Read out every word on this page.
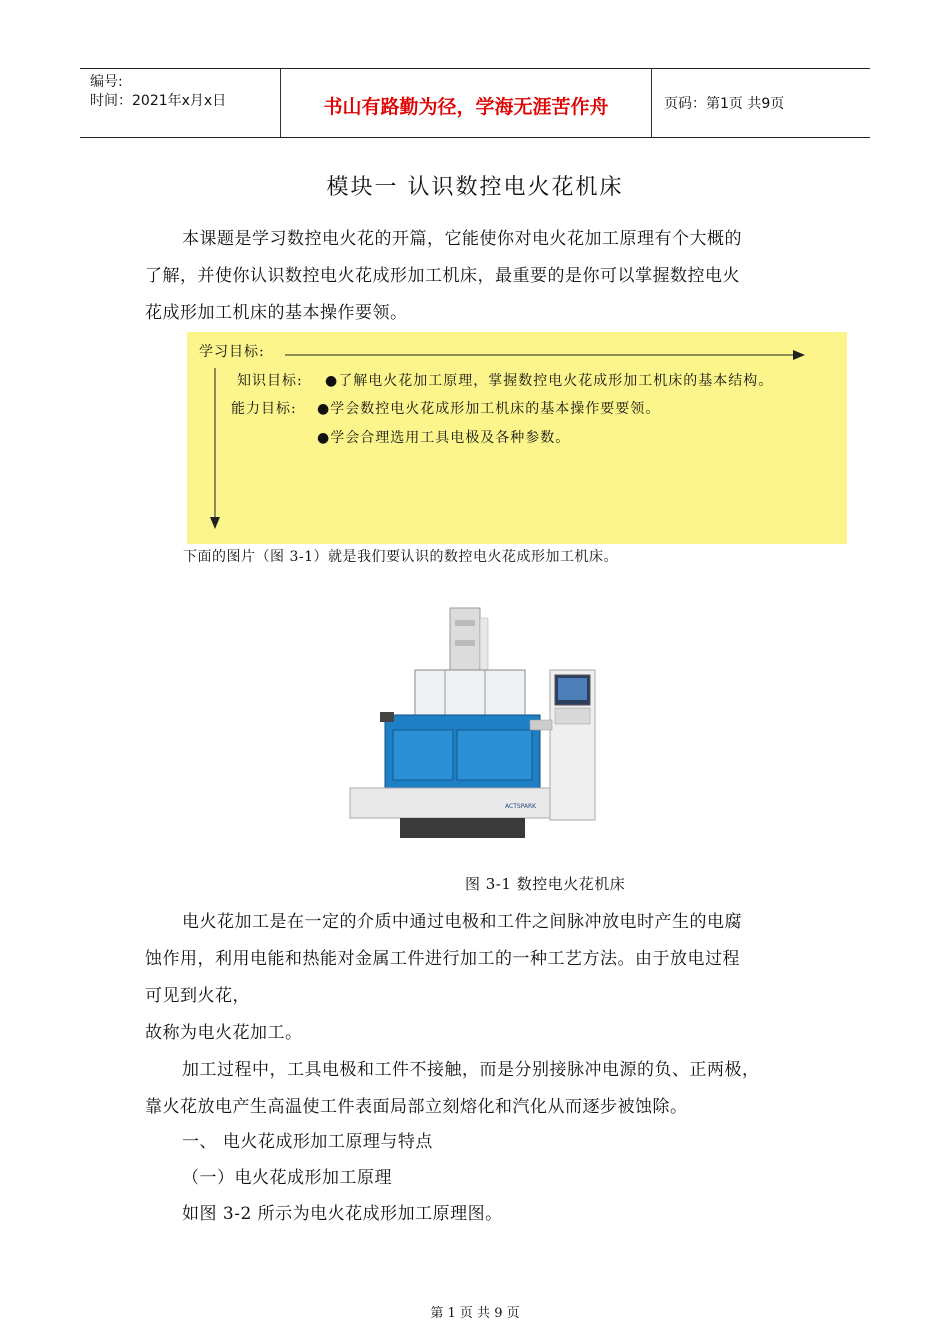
编号:
时间：2021年x月x日	书山有路勤为径，学海无涯苦作舟	页码：第1页 共9页
模块一 认识数控电火花机床
本课题是学习数控电火花的开篇，它能使你对电火花加工原理有个大概的
了解，并使你认识数控电火花成形加工机床，最重要的是你可以掌握数控电火
花成形加工机床的基本操作要领。
学习目标:
知识目标: ●了解电火花加工原理，掌握数控电火花成形加工机床的基本结构。
能力目标: ●学会数控电火花成形加工机床的基本操作要要领。
●学会合理选用工具电极及各种参数。
下面的图片（图 3-1）就是我们要认识的数控电火花成形加工机床。
ACTSPARK
图 3-1 数控电火花机床
电火花加工是在一定的介质中通过电极和工件之间脉冲放电时产生的电腐
蚀作用，利用电能和热能对金属工件进行加工的一种工艺方法。由于放电过程
可见到火花，
故称为电火花加工。
加工过程中，工具电极和工件不接触，而是分别接脉冲电源的负、正两极，
靠火花放电产生高温使工件表面局部立刻熔化和汽化从而逐步被蚀除。
一、 电火花成形加工原理与特点
（一）电火花成形加工原理
如图 3-2 所示为电火花成形加工原理图。
第 1 页 共 9 页
